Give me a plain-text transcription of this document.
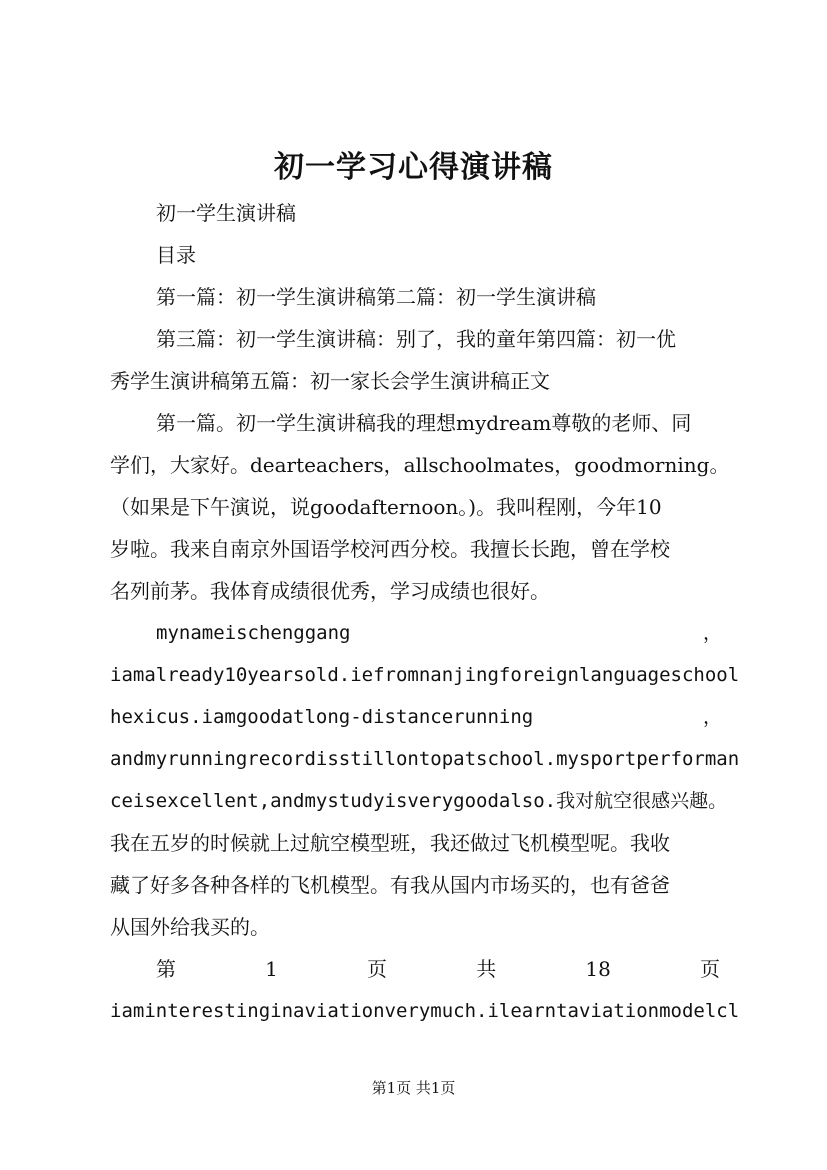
初一学习心得演讲稿
初一学生演讲稿
目录
第一篇：初一学生演讲稿第二篇：初一学生演讲稿
第三篇：初一学生演讲稿：别了，我的童年第四篇：初一优
秀学生演讲稿第五篇：初一家长会学生演讲稿正文
第一篇。初一学生演讲稿我的理想mydream尊敬的老师、同
学们，大家好。dearteachers，allschoolmates，goodmorning。
（如果是下午演说，说goodafternoon。)。我叫程刚，今年10
岁啦。我来自南京外国语学校河西分校。我擅长长跑，曾在学校
名列前茅。我体育成绩很优秀，学习成绩也很好。
mynameischenggang	，
iamalready10yearsold.iefromnanjingforeignlanguageschool
hexicus.iamgoodatlong-distancerunning	，
andmyrunningrecordisstillontopatschool.mysportperforman
ceisexcellent,andmystudyisverygoodalso.我对航空很感兴趣。
我在五岁的时候就上过航空模型班，我还做过飞机模型呢。我收
藏了好多各种各样的飞机模型。有我从国内市场买的，也有爸爸
从国外给我买的。
第	1	页	共	18	页
iaminterestinginaviationverymuch.ilearntaviationmodelcl
第1页 共1页
